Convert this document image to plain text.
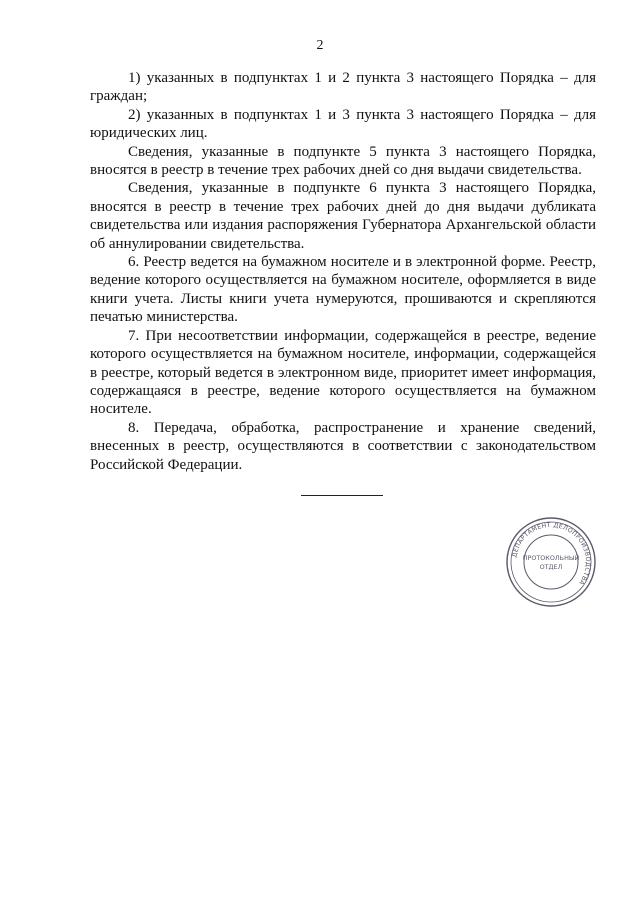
2

1) указанных в подпунктах 1 и 2 пункта 3 настоящего Порядка – для граждан;

2) указанных в подпунктах 1 и 3 пункта 3 настоящего Порядка – для юридических лиц.

Сведения, указанные в подпункте 5 пункта 3 настоящего Порядка, вносятся в реестр в течение трех рабочих дней со дня выдачи свидетельства.

Сведения, указанные в подпункте 6 пункта 3 настоящего Порядка, вносятся в реестр в течение трех рабочих дней до дня выдачи дубликата свидетельства или издания распоряжения Губернатора Архангельской области об аннулировании свидетельства.

6. Реестр ведется на бумажном носителе и в электронной форме. Реестр, ведение которого осуществляется на бумажном носителе, оформляется в виде книги учета. Листы книги учета нумеруются, прошиваются и скрепляются печатью министерства.

7. При несоответствии информации, содержащейся в реестре, ведение которого осуществляется на бумажном носителе, информации, содержащейся в реестре, который ведется в электронном виде, приоритет имеет информация, содержащаяся в реестре, ведение которого осуществляется на бумажном носителе.

8. Передача, обработка, распространение и хранение сведений, внесенных в реестр, осуществляются в соответствии с законодательством Российской Федерации.

ДЕПАРТАМЕНТ ДЕЛОПРОИЗВОДСТВА
ПРОТОКОЛЬНЫЙ
ОТДЕЛ
